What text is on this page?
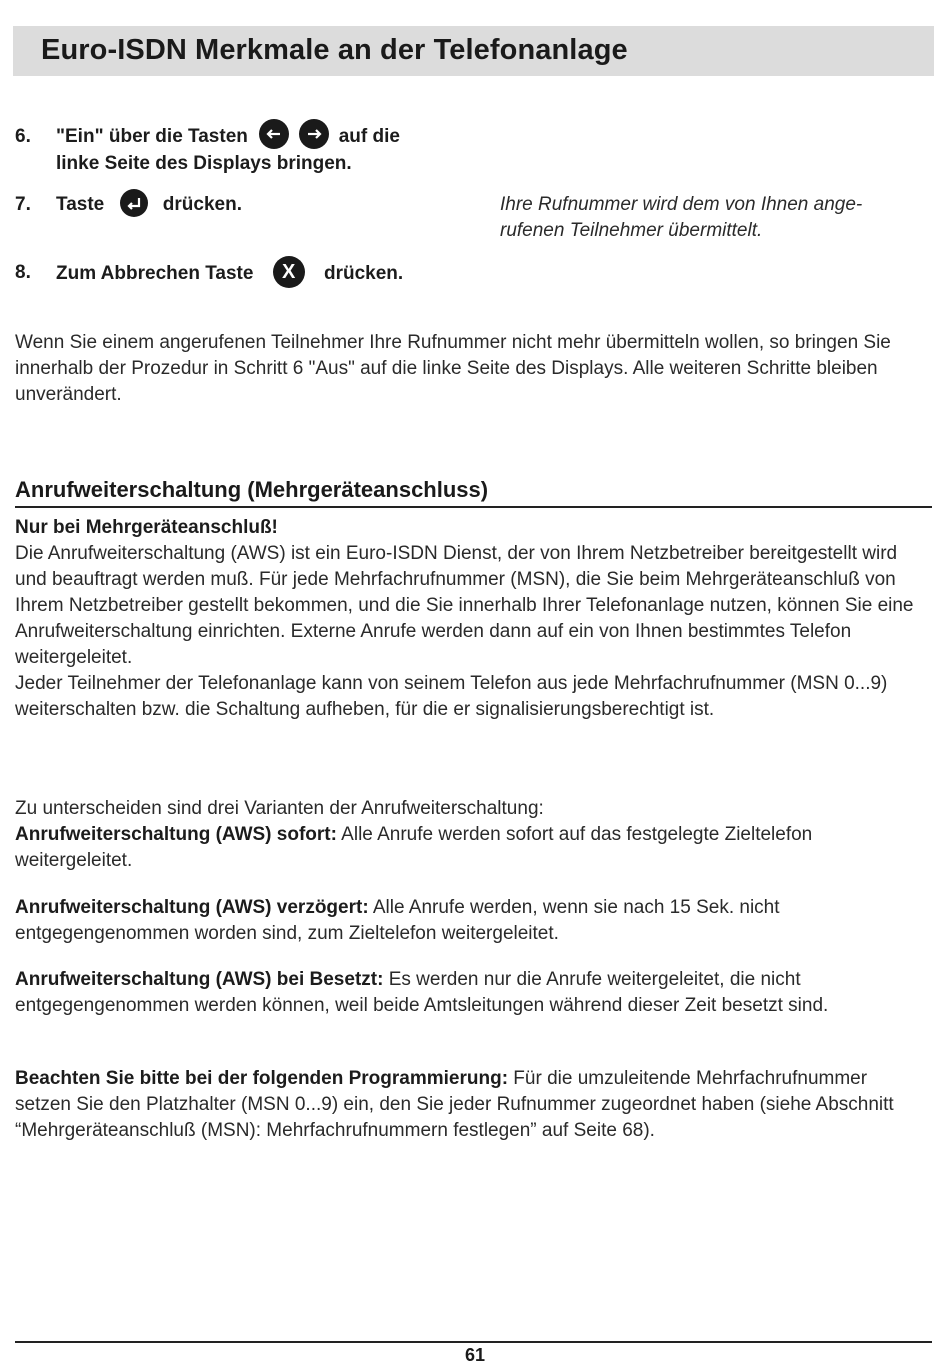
Euro-ISDN Merkmale an der Telefonanlage
6.	"Ein" über die Tasten
	auf die
linke Seite des Displays bringen.
7.	Taste	drücken.	Ihre Rufnummer wird dem von Ihnen ange-
rufenen Teilnehmer übermittelt.
8.	Zum Abbrechen Taste	X	drücken.

Wenn Sie einem angerufenen Teilnehmer Ihre Rufnummer nicht mehr übermitteln wollen, so bringen Sie innerhalb der Prozedur in Schritt 6 "Aus" auf die linke Seite des Displays. Alle weiteren Schritte bleiben unverändert.

Anrufweiterschaltung (Mehrgeräteanschluss)

Nur bei Mehrgeräteanschluß!

Die Anrufweiterschaltung (AWS) ist ein Euro-ISDN Dienst, der von Ihrem Netzbetreiber bereitgestellt wird und beauftragt werden muß. Für jede Mehrfachrufnummer (MSN), die Sie beim Mehrgeräteanschluß von Ihrem Netzbetreiber gestellt bekommen, und die Sie innerhalb Ihrer Telefonanlage nutzen, können Sie eine Anrufweiterschaltung einrichten. Externe Anrufe werden dann auf ein von Ihnen bestimmtes Telefon weitergeleitet.

Jeder Teilnehmer der Telefonanlage kann von seinem Telefon aus jede Mehrfachrufnummer (MSN 0...9) weiterschalten bzw. die Schaltung aufheben, für die er signalisierungsberechtigt ist.

Zu unterscheiden sind drei Varianten der Anrufweiterschaltung:

Anrufweiterschaltung (AWS) sofort: Alle Anrufe werden sofort auf das festgelegte Zieltelefon weitergeleitet.

Anrufweiterschaltung (AWS) verzögert: Alle Anrufe werden, wenn sie nach 15 Sek. nicht entgegengenommen worden sind, zum Zieltelefon weitergeleitet.

Anrufweiterschaltung (AWS) bei Besetzt: Es werden nur die Anrufe weitergeleitet, die nicht entgegengenommen werden können, weil beide Amtsleitungen während dieser Zeit besetzt sind.

Beachten Sie bitte bei der folgenden Programmierung: Für die umzuleitende Mehrfachrufnummer setzen Sie den Platzhalter (MSN 0...9) ein, den Sie jeder Rufnummer zugeordnet haben (siehe Abschnitt “Mehrgeräteanschluß (MSN): Mehrfachrufnummern festlegen” auf Seite 68).

61
